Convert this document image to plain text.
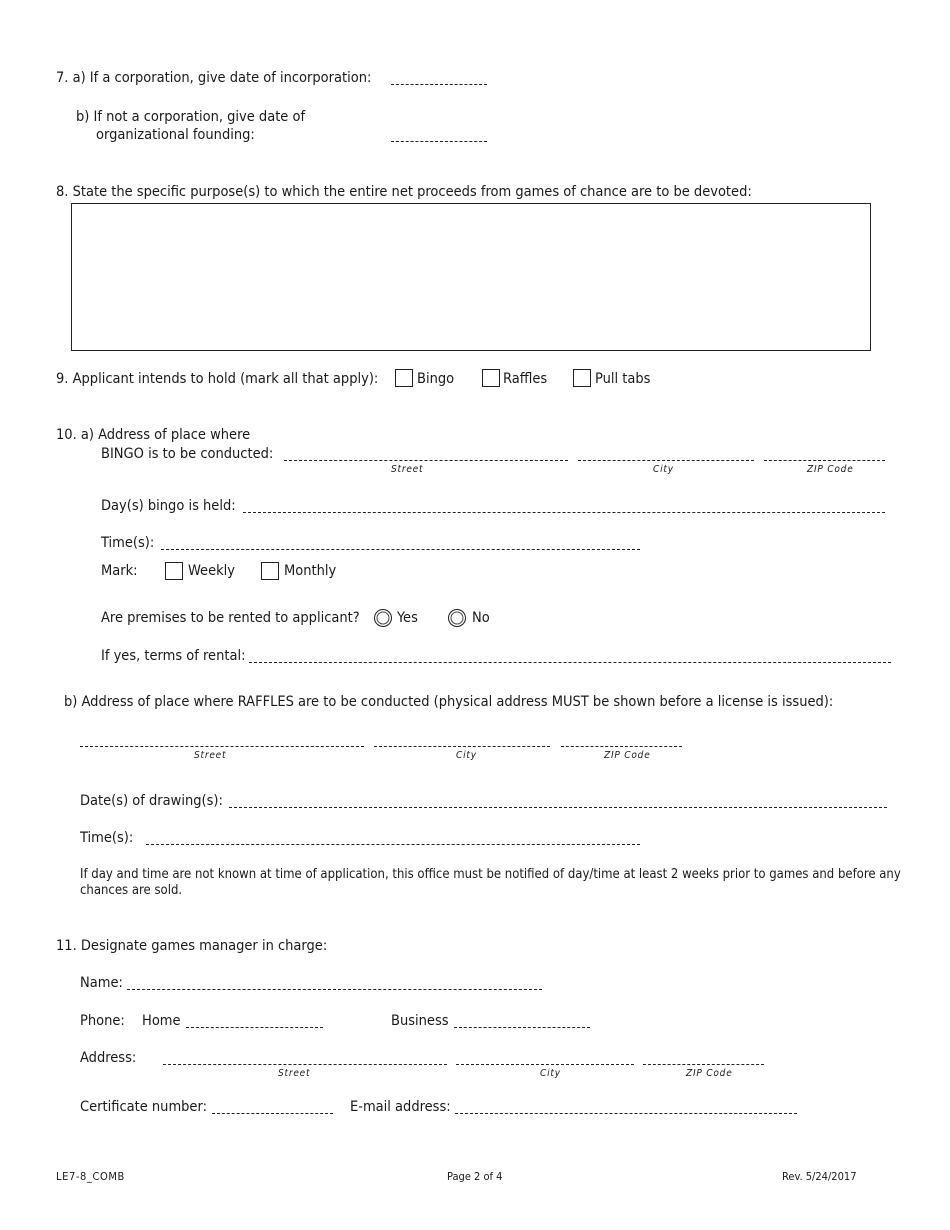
7. a) If a corporation, give date of incorporation:
b) If not a corporation, give date of
organizational founding:
8. State the specific purpose(s) to which the entire net proceeds from games of chance are to be devoted:
9. Applicant intends to hold (mark all that apply):	Bingo	Raffles	Pull tabs
10. a) Address of place where
BINGO is to be conducted:
Street	City	ZIP Code
Day(s) bingo is held:
Time(s):
Mark:	Weekly	Monthly
Are premises to be rented to applicant?	Yes	No
If yes, terms of rental:
b) Address of place where RAFFLES are to be conducted (physical address MUST be shown before a license is issued):
Street	City	ZIP Code
Date(s) of drawing(s):
Time(s):
If day and time are not known at time of application, this office must be notified of day/time at least 2 weeks prior to games and before any
chances are sold.
11. Designate games manager in charge:
Name:
Phone: Home	Business
Address:
Street	City	ZIP Code
Certificate number:	E-mail address:
LE7-8_COMB	Page 2 of 4	Rev. 5/24/2017
